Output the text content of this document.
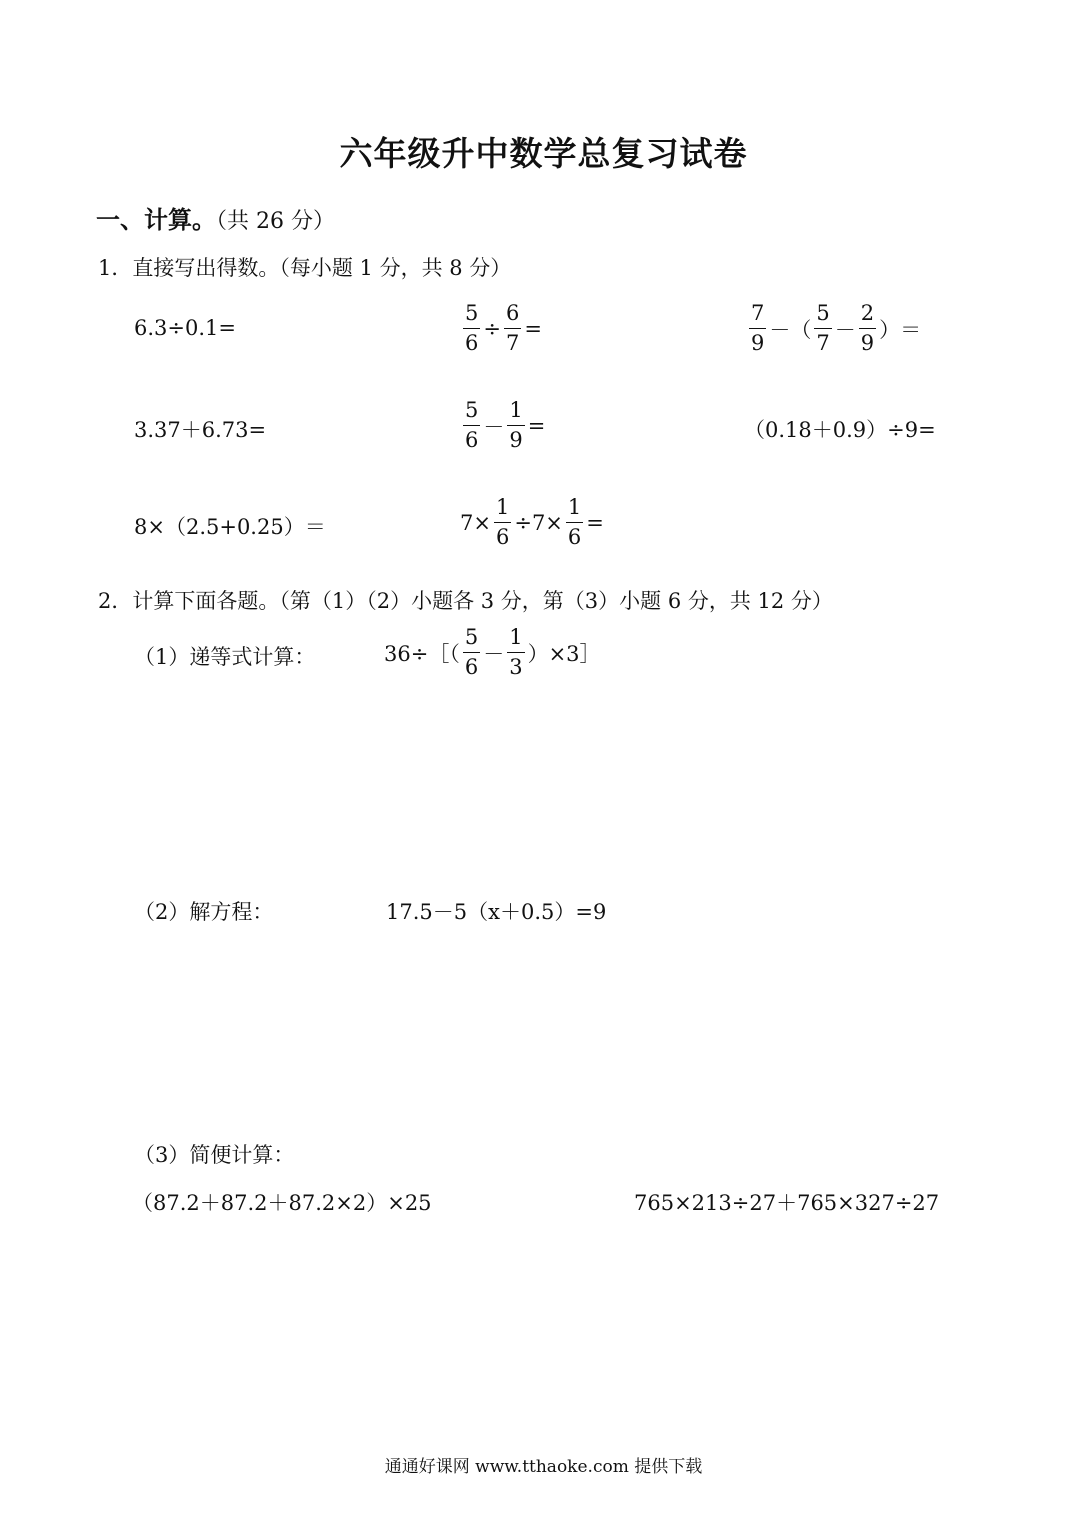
六年级升中数学总复习试卷
一、计算。（共 26 分）
1．直接写出得数。（每小题 1 分，共 8 分）
6.3÷0.1=	$\frac{5}{6} \div \frac{6}{7}$ =	$\frac{7}{9}$ －（ $\frac{5}{7} - \frac{2}{9}$ ）＝
3.37＋6.73=	$\frac{5}{6} - \frac{1}{9}$ =	（0.18＋0.9）÷9=
8×（2.5+0.25）＝	$7\times \frac{1}{6} \div 7\times \frac{1}{6}$ =
2．计算下面各题。（第（1）（2）小题各 3 分，第（3）小题 6 分，共 12 分）
（1）递等式计算：	36÷［（ $\frac{5}{6} - \frac{1}{3}$ ）×3］
（2）解方程：	17.5－5（x＋0.5）=9
（3）简便计算：
（87.2＋87.2＋87.2×2）×25	765×213÷27＋765×327÷27
通通好课网 www.tthaoke.com 提供下载
